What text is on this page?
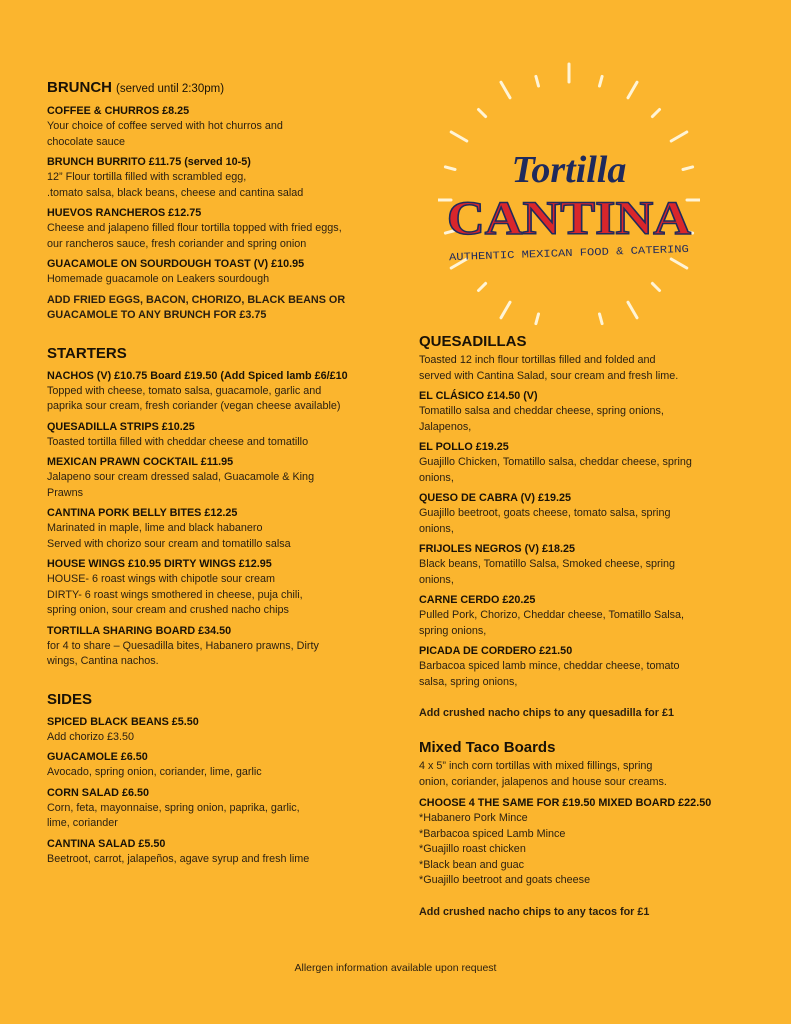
BRUNCH (served until 2:30pm)
COFFEE & CHURROS £8.25
Your choice of coffee served with hot churros and
chocolate sauce
BRUNCH BURRITO £11.75 (served 10-5)
12” Flour tortilla filled with scrambled egg,
.tomato salsa, black beans, cheese and cantina salad
HUEVOS RANCHEROS £12.75
Cheese and jalapeno filled flour tortilla topped with fried eggs,
our rancheros sauce, fresh coriander and spring onion
GUACAMOLE ON SOURDOUGH TOAST (V) £10.95
Homemade guacamole on Leakers sourdough
ADD FRIED EGGS, BACON, CHORIZO, BLACK BEANS OR
GUACAMOLE TO ANY BRUNCH FOR £3.75
STARTERS
NACHOS (V) £10.75 Board £19.50 (Add Spiced lamb £6/£10
Topped with cheese, tomato salsa, guacamole, garlic and
paprika sour cream, fresh coriander (vegan cheese available)
QUESADILLA STRIPS £10.25
Toasted tortilla filled with cheddar cheese and tomatillo
MEXICAN PRAWN COCKTAIL £11.95
Jalapeno sour cream dressed salad, Guacamole & King
Prawns
CANTINA PORK BELLY BITES £12.25
Marinated in maple, lime and black habanero
Served with chorizo sour cream and tomatillo salsa
HOUSE WINGS £10.95 DIRTY WINGS £12.95
HOUSE- 6 roast wings with chipotle sour cream
DIRTY- 6 roast wings smothered in cheese, puja chili,
spring onion, sour cream and crushed nacho chips
TORTILLA SHARING BOARD £34.50
for 4 to share – Quesadilla bites, Habanero prawns, Dirty
wings, Cantina nachos.
SIDES
SPICED BLACK BEANS £5.50
Add chorizo £3.50
GUACAMOLE £6.50
Avocado, spring onion, coriander, lime, garlic
CORN SALAD £6.50
Corn, feta, mayonnaise, spring onion, paprika, garlic,
lime, coriander
CANTINA SALAD £5.50
Beetroot, carrot, jalapeños, agave syrup and fresh lime
QUESADILLAS
Toasted 12 inch flour tortillas filled and folded and
served with Cantina Salad, sour cream and fresh lime.
EL CLÁSICO £14.50 (V)
Tomatillo salsa and cheddar cheese, spring onions,
Jalapenos,
EL POLLO £19.25
Guajillo Chicken, Tomatillo salsa, cheddar cheese, spring
onions,
QUESO DE CABRA (V) £19.25
Guajillo beetroot, goats cheese, tomato salsa, spring
onions,
FRIJOLES NEGROS (V) £18.25
Black beans, Tomatillo Salsa, Smoked cheese, spring
onions,
CARNE CERDO £20.25
Pulled Pork, Chorizo, Cheddar cheese, Tomatillo Salsa,
spring onions,
PICADA DE CORDERO £21.50
Barbacoa spiced lamb mince, cheddar cheese, tomato
salsa, spring onions,
Add crushed nacho chips to any quesadilla for £1
Mixed Taco Boards
4 x 5” inch corn tortillas with mixed fillings, spring
onion, coriander, jalapenos and house sour creams.
CHOOSE 4 THE SAME FOR £19.50 MIXED BOARD £22.50
*Habanero Pork Mince
*Barbacoa spiced Lamb Mince
*Guajillo roast chicken
*Black bean and guac
*Guajillo beetroot and goats cheese
Add crushed nacho chips to any tacos for £1
Tortilla
CANTINA
AUTHENTIC MEXICAN FOOD & CATERING
Allergen information available upon request
